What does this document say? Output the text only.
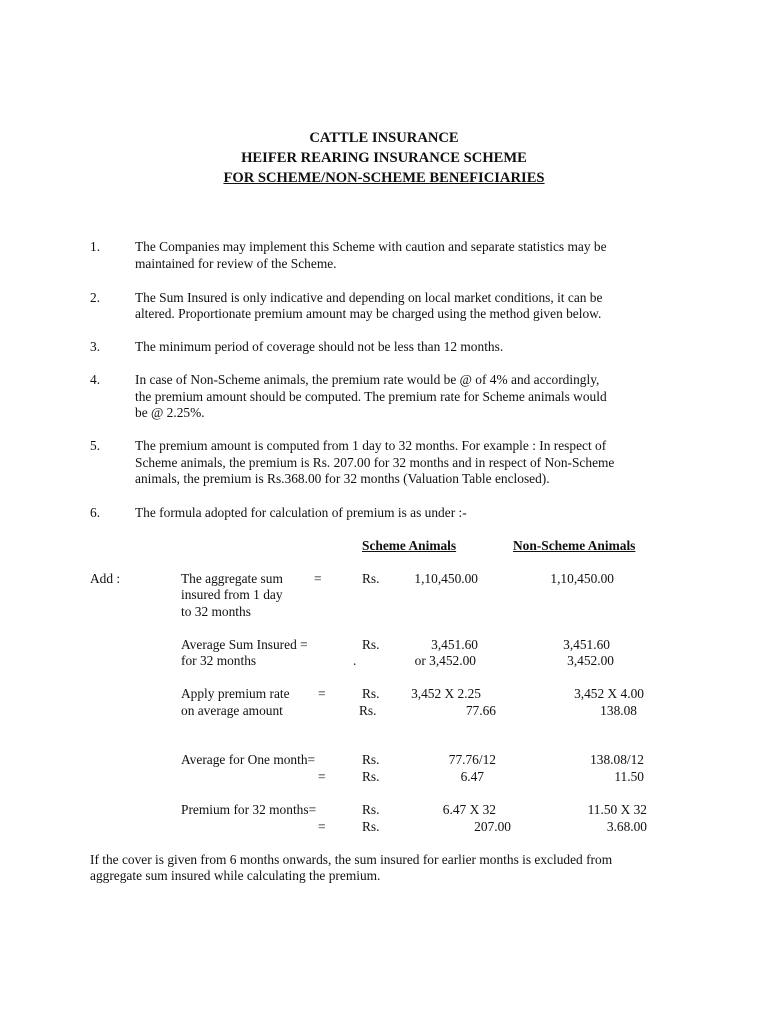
CATTLE INSURANCE
HEIFER REARING INSURANCE SCHEME
FOR SCHEME/NON-SCHEME BENEFICIARIES
1.	The Companies may implement this Scheme with caution and separate statistics may be
maintained for review of the Scheme.
2.	The Sum Insured is only indicative and depending on local market conditions, it can be
altered. Proportionate premium amount may be charged using the method given below.
3.	The minimum period of coverage should not be less than 12 months.
4.	In case of Non-Scheme animals, the premium rate would be @ of 4% and accordingly,
the premium amount should be computed. The premium rate for Scheme animals would
be @ 2.25%.
5.	The premium amount is computed from 1 day to 32 months. For example : In respect of
Scheme animals, the premium is Rs. 207.00 for 32 months and in respect of Non-Scheme
animals, the premium is Rs.368.00 for 32 months (Valuation Table enclosed).
6.	The formula adopted for calculation of premium is as under :-
Scheme Animals	Non-Scheme Animals
Add :	The aggregate sum =	Rs.	1,10,450.00	1,10,450.00
insured from 1 day
to 32 months
Average Sum Insured =	Rs.	3,451.60	3,451.60
for 32 months	.	or 3,452.00	3,452.00
Apply premium rate =	Rs.	3,452 X 2.25	3,452 X 4.00
on average amount	Rs.	77.66	138.08
Average for One month=	Rs.	77.76/12	138.08/12
=	Rs.	6.47	11.50
Premium for 32 months=	Rs.	6.47 X 32	11.50 X 32
=	Rs.	207.00	3.68.00
If the cover is given from 6 months onwards, the sum insured for earlier months is excluded from
aggregate sum insured while calculating the premium.
